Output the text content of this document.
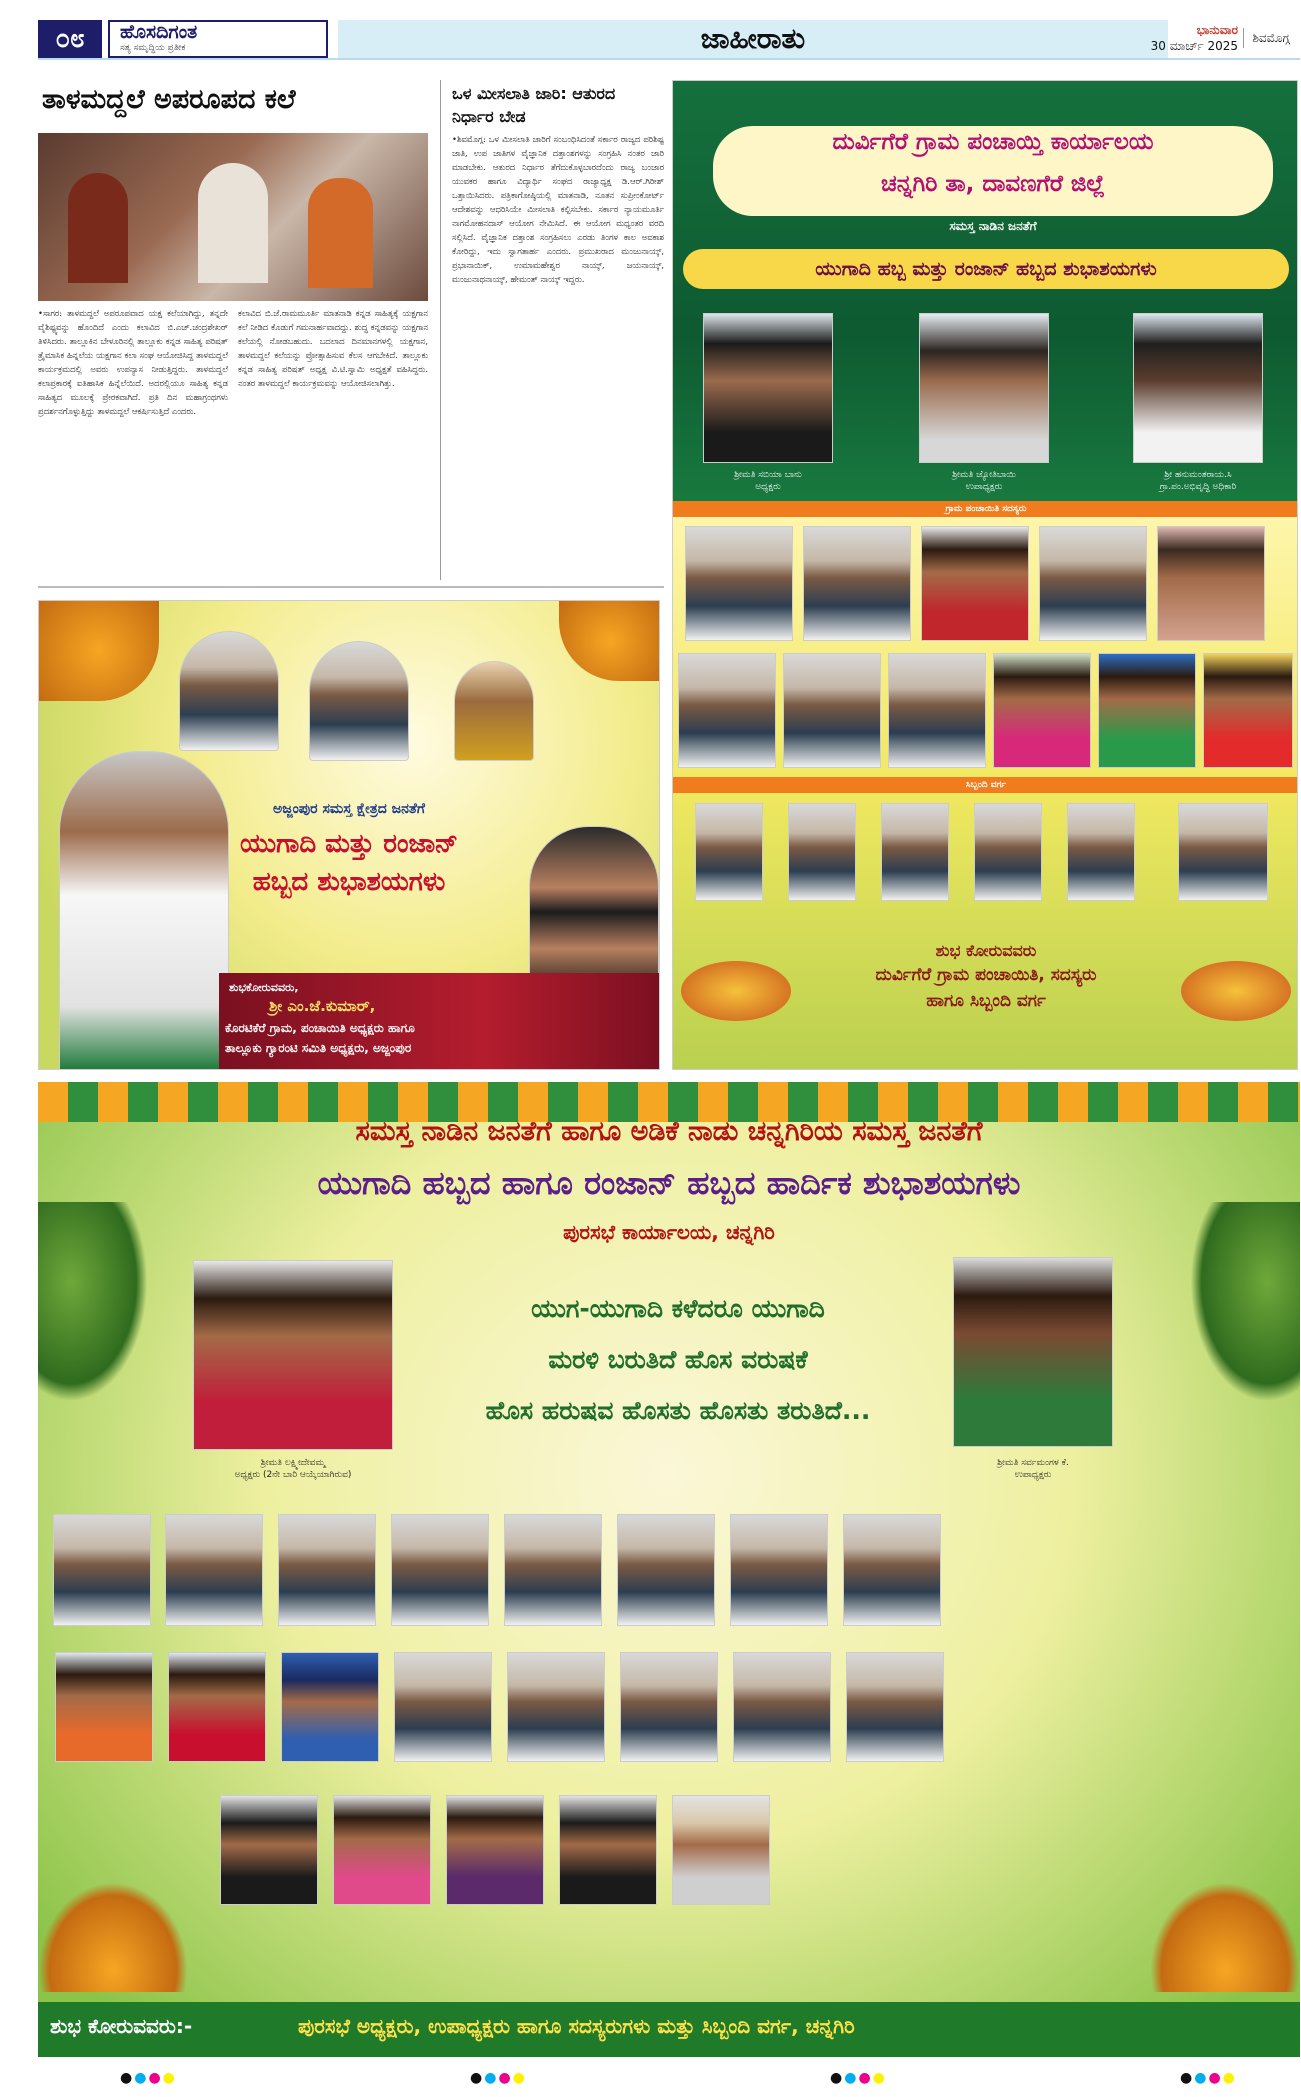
೦೮	ಹೊಸದಿಗಂತ
ಸತ್ಯ ಸಮೃದ್ಧಿಯ ಪ್ರತೀಕ	ಜಾಹೀರಾತು	ಭಾನುವಾರ
30 ಮಾರ್ಚ್ 2025
ಶಿವಮೊಗ್ಗ
ತಾಳಮದ್ದಲೆ ಅಪರೂಪದ ಕಲೆ
•ಸಾಗರ: ತಾಳಮದ್ದಲೆ ಅಪರೂಪವಾದ ಯಕ್ಷ ಕಲೆಯಾಗಿದ್ದು, ತನ್ನದೇ ವೈಶಿಷ್ಟ್ಯವನ್ನು ಹೊಂದಿದೆ ಎಂದು ಕಲಾವಿದ ಬಿ.ಎಚ್.ಚಂದ್ರಶೇಖರ್ ತಿಳಿಸಿದರು. ತಾಲ್ಲೂಕಿನ ಬೇಳೂರಿನಲ್ಲಿ ತಾಲ್ಲೂಕು ಕನ್ನಡ ಸಾಹಿತ್ಯ ಪರಿಷತ್ ತ್ರೈಮಾಸಿಕ ಹಿನ್ನಲೆಯ ಯಕ್ಷಗಾನ ಕಲಾ ಸಂಘ ಆಯೋಜಿಸಿದ್ದ ತಾಳಮದ್ದಲೆ ಕಾರ್ಯಕ್ರಮದಲ್ಲಿ ಅವರು ಉಪನ್ಯಾಸ ನೀಡುತ್ತಿದ್ದರು. ತಾಳಮದ್ದಲೆ ಕಲಾಪ್ರಕಾರಕ್ಕೆ ಐತಿಹಾಸಿಕ ಹಿನ್ನೆಲೆಯಿದೆ. ಅದರಲ್ಲಿಯೂ ಸಾಹಿತ್ಯ ಕನ್ನಡ ಸಾಹಿತ್ಯದ ಮೂಲಕ್ಕೆ ಪ್ರೇರಕವಾಗಿದೆ. ಪ್ರತಿ ದಿನ ಮಹಾಗ್ರಂಥಗಳು ಪ್ರದರ್ಶನಗೊಳ್ಳುತ್ತಿದ್ದು ತಾಳಮದ್ದಲೆ ಆಕರ್ಷಿಸುತ್ತಿದೆ ಎಂದರು.
ಕಲಾವಿದ ಬಿ.ಜೆ.ರಾಮಮೂರ್ತಿ ಮಾತನಾಡಿ ಕನ್ನಡ ಸಾಹಿತ್ಯಕ್ಕೆ ಯಕ್ಷಗಾನ ಕಲೆ ನೀಡಿದ ಕೊಡುಗೆ ಗಮನಾರ್ಹವಾದದ್ದು. ಶುದ್ಧ ಕನ್ನಡವನ್ನು ಯಕ್ಷಗಾನ ಕಲೆಯಲ್ಲಿ ನೋಡಬಹುದು. ಬದಲಾದ ದಿನಮಾನಗಳಲ್ಲಿ ಯಕ್ಷಗಾನ, ತಾಳಮದ್ದಲೆ ಕಲೆಯನ್ನು ಪ್ರೋತ್ಸಾಹಿಸುವ ಕೆಲಸ ಆಗಬೇಕಿದೆ. ತಾಲ್ಲೂಕು ಕನ್ನಡ ಸಾಹಿತ್ಯ ಪರಿಷತ್ ಅಧ್ಯಕ್ಷ ವಿ.ಟಿ.ಸ್ವಾಮಿ ಅಧ್ಯಕ್ಷತೆ ವಹಿಸಿದ್ದರು. ನಂತರ ತಾಳಮದ್ದಲೆ ಕಾರ್ಯಕ್ರಮವನ್ನು ಆಯೋಜಿಸಲಾಗಿತ್ತು.
ಒಳ ಮೀಸಲಾತಿ ಜಾರಿ: ಆತುರದ ನಿರ್ಧಾರ ಬೇಡ
•ಶಿವಮೊಗ್ಗ: ಒಳ ಮೀಸಲಾತಿ ಜಾರಿಗೆ ಸಂಬಂಧಿಸಿದಂತೆ ಸರ್ಕಾರ ರಾಜ್ಯದ ಪರಿಶಿಷ್ಟ ಜಾತಿ, ಉಪ ಜಾತಿಗಳ ವೈಜ್ಞಾನಿಕ ದತ್ತಾಂಶಗಳನ್ನು ಸಂಗ್ರಹಿಸಿ ನಂತರ ಜಾರಿ ಮಾಡಬೇಕು. ಆತುರದ ನಿರ್ಧಾರ ತೆಗೆದುಕೊಳ್ಳಬಾರದೆಂದು ರಾಜ್ಯ ಬಂಜಾರ ಯುವಕರ ಹಾಗೂ ವಿದ್ಯಾರ್ಥಿ ಸಂಘದ ರಾಜ್ಯಾಧ್ಯಕ್ಷ ಡಿ.ಆರ್.ಗಿರೀಶ್ ಒತ್ತಾಯಿಸಿದರು. ಪತ್ರಿಕಾಗೋಷ್ಠಿಯಲ್ಲಿ ಮಾತನಾಡಿ, ನೂತನ ಸುಪ್ರೀಂಕೋರ್ಟ್ ಆದೇಶವನ್ನು ಆಧರಿಸಿಯೇ ಮೀಸಲಾತಿ ಕಲ್ಪಿಸಬೇಕು. ಸರ್ಕಾರ ನ್ಯಾಯಮೂರ್ತಿ ನಾಗಮೋಹನದಾಸ್ ಆಯೋಗ ನೇಮಿಸಿದೆ. ಈ ಆಯೋಗ ಮಧ್ಯಂತರ ವರದಿ ಸಲ್ಲಿಸಿದೆ. ವೈಜ್ಞಾನಿಕ ದತ್ತಾಂಶ ಸಂಗ್ರಹಿಸಲು ಎರಡು ತಿಂಗಳ ಕಾಲ ಅವಕಾಶ ಕೋರಿದ್ದು, ಇದು ಸ್ವಾಗತಾರ್ಹ ಎಂದರು. ಪ್ರಮುಖರಾದ ಮಂಜುನಾಯ್ಕ್, ಪ್ರಭಾನಾಯಿಕ್, ಉಮಾಮಹೇಶ್ವರ ನಾಯ್ಕ್, ಜಯನಾಯ್ಕ್, ಮಂಜುನಾಥನಾಯ್ಕ್, ಹೇಮಂತ್ ನಾಯ್ಕ್ ಇದ್ದರು.
ಅಜ್ಜಂಪುರ ಸಮಸ್ತ ಕ್ಷೇತ್ರದ ಜನತೆಗೆ
ಯುಗಾದಿ ಮತ್ತು ರಂಜಾನ್
ಹಬ್ಬದ ಶುಭಾಶಯಗಳು
ಶುಭಕೋರುವವರು,
ಶ್ರೀ ಎಂ.ಜೆ.ಕುಮಾರ್,
ಕೊರಟಿಕೆರೆ ಗ್ರಾಮ, ಪಂಚಾಯಿತಿ ಅಧ್ಯಕ್ಷರು ಹಾಗೂ
ತಾಲ್ಲೂಕು ಗ್ಯಾರಂಟಿ ಸಮಿತಿ ಅಧ್ಯಕ್ಷರು, ಅಜ್ಜಂಪುರ
ದುರ್ವಿಗೆರೆ ಗ್ರಾಮ ಪಂಚಾಯ್ತಿ ಕಾರ್ಯಾಲಯ
ಚನ್ನಗಿರಿ ತಾ, ದಾವಣಗೆರೆ ಜಿಲ್ಲೆ
ಸಮಸ್ತ ನಾಡಿನ ಜನತೆಗೆ
ಯುಗಾದಿ ಹಬ್ಬ ಮತ್ತು ರಂಜಾನ್ ಹಬ್ಬದ ಶುಭಾಶಯಗಳು
ಶ್ರೀಮತಿ ಸಬಿಯಾ ಬಾನು
ಅಧ್ಯಕ್ಷರು
ಶ್ರೀಮತಿ ಜ್ಯೋತಿಬಾಯಿ
ಉಪಾಧ್ಯಕ್ಷರು
ಶ್ರೀ ಹನುಮಂತರಾಯ.ಸಿ
ಗ್ರಾ.ಪಂ.ಅಭಿವೃದ್ಧಿ ಅಧಿಕಾರಿ
ಗ್ರಾಮ ಪಂಚಾಯಿತಿ ಸದಸ್ಯರು
ಸಿಬ್ಬಂದಿ ವರ್ಗ
ಶುಭ ಕೋರುವವರು
ದುರ್ವಿಗೆರೆ ಗ್ರಾಮ ಪಂಚಾಯಿತಿ, ಸದಸ್ಯರು
ಹಾಗೂ ಸಿಬ್ಬಂದಿ ವರ್ಗ
ಸಮಸ್ತ ನಾಡಿನ ಜನತೆಗೆ ಹಾಗೂ ಅಡಿಕೆ ನಾಡು ಚನ್ನಗಿರಿಯ ಸಮಸ್ತ ಜನತೆಗೆ
ಯುಗಾದಿ ಹಬ್ಬದ ಹಾಗೂ ರಂಜಾನ್ ಹಬ್ಬದ ಹಾರ್ದಿಕ ಶುಭಾಶಯಗಳು
ಪುರಸಭೆ ಕಾರ್ಯಾಲಯ, ಚನ್ನಗಿರಿ
ಶ್ರೀಮತಿ ಲಕ್ಷ್ಮೀದೇವಮ್ಮ
ಅಧ್ಯಕ್ಷರು (2ನೇ ಬಾರಿ ಆಯ್ಕೆಯಾಗಿರುವ)
ಶ್ರೀಮತಿ ಸರ್ವಮಂಗಳ ಕೆ.
ಉಪಾಧ್ಯಕ್ಷರು
ಯುಗ-ಯುಗಾದಿ ಕಳೆದರೂ ಯುಗಾದಿ
ಮರಳಿ ಬರುತಿದೆ ಹೊಸ ವರುಷಕೆ
ಹೊಸ ಹರುಷವ ಹೊಸತು ಹೊಸತು ತರುತಿದೆ...
ಶುಭ ಕೋರುವವರು:-	ಪುರಸಭೆ ಅಧ್ಯಕ್ಷರು, ಉಪಾಧ್ಯಕ್ಷರು ಹಾಗೂ ಸದಸ್ಯರುಗಳು ಮತ್ತು ಸಿಬ್ಬಂದಿ ವರ್ಗ, ಚನ್ನಗಿರಿ
●●●●	●●●●	●●●●	●●●●
